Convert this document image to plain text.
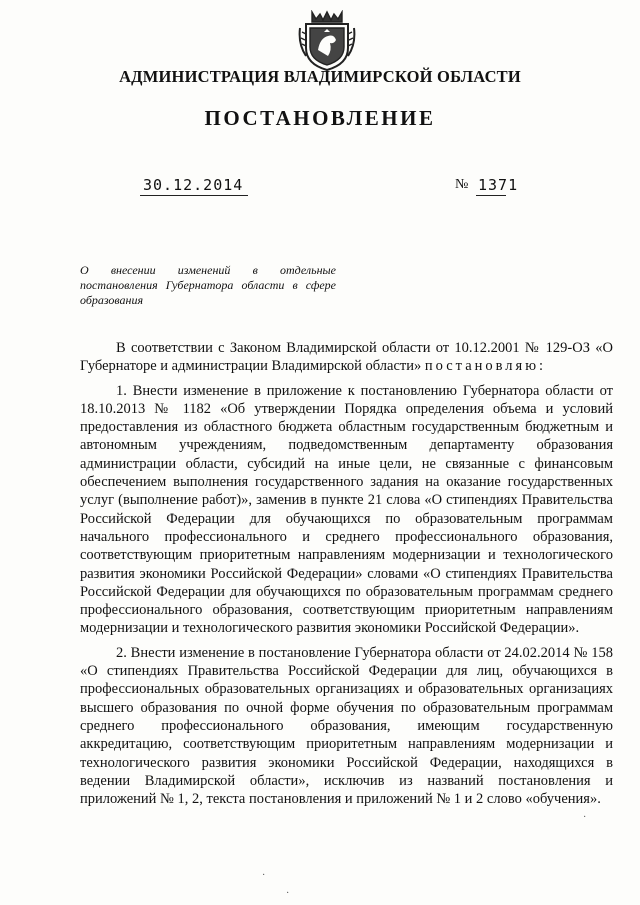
АДМИНИСТРАЦИЯ ВЛАДИМИРСКОЙ ОБЛАСТИ
ПОСТАНОВЛЕНИЕ
30.12.2014	№ 1371
О внесении изменений в отдельные постановления Губернатора области в сфере образования

В соответствии с Законом Владимирской области от 10.12.2001 № 129-ОЗ «О Губернаторе и администрации Владимирской области» постановляю:

1. Внести изменение в приложение к постановлению Губернатора области от 18.10.2013 № 1182 «Об утверждении Порядка определения объема и условий предоставления из областного бюджета областным государственным бюджетным и автономным учреждениям, подведомственным департаменту образования администрации области, субсидий на иные цели, не связанные с финансовым обеспечением выполнения государственного задания на оказание государственных услуг (выполнение работ)», заменив в пункте 21 слова «О стипендиях Правительства Российской Федерации для обучающихся по образовательным программам начального профессионального и среднего профессионального образования, соответствующим приоритетным направлениям модернизации и технологического развития экономики Российской Федерации» словами «О стипендиях Правительства Российской Федерации для обучающихся по образовательным программам среднего профессионального образования, соответствующим приоритетным направлениям модернизации и технологического развития экономики Российской Федерации».

2. Внести изменение в постановление Губернатора области от 24.02.2014 № 158 «О стипендиях Правительства Российской Федерации для лиц, обучающихся в профессиональных образовательных организациях и образовательных организациях высшего образования по очной форме обучения по образовательным программам среднего профессионального образования, имеющим государственную аккредитацию, соответствующим приоритетным направлениям модернизации и технологического развития экономики Российской Федерации, находящихся в ведении Владимирской области», исключив из названий постановления и приложений № 1, 2, текста постановления и приложений № 1 и 2 слово «обучения».

·
·
·
